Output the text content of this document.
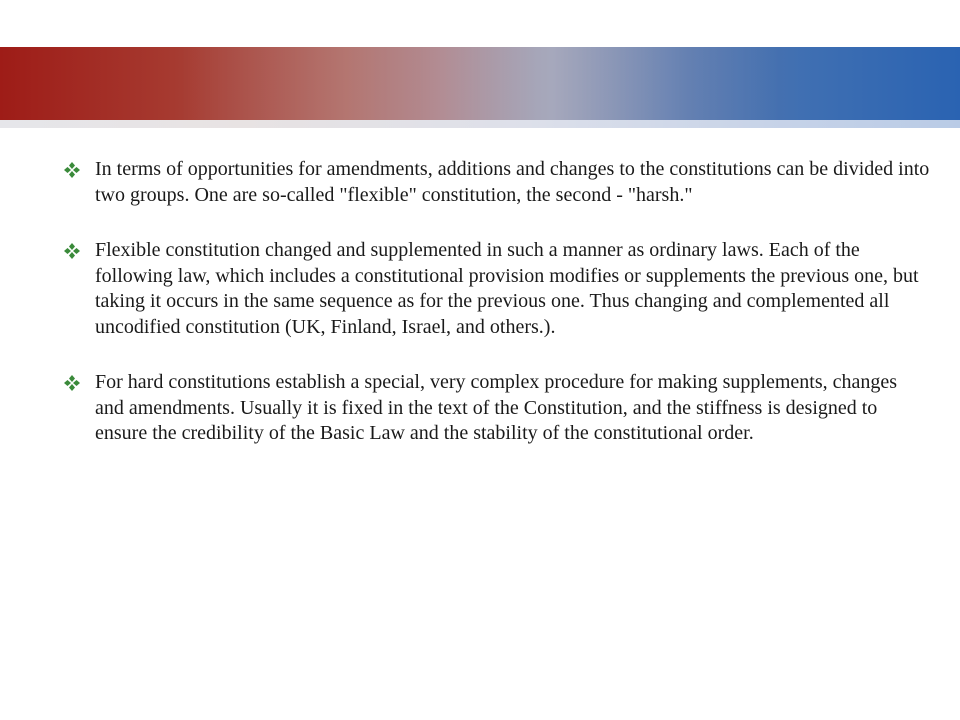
In terms of opportunities for amendments, additions and changes to the constitutions can be divided into two groups. One are so-called "flexible" constitution, the second - "harsh."
Flexible constitution changed and supplemented in such a manner as ordinary laws. Each of the following law, which includes a constitutional provision modifies or supplements the previous one, but taking it occurs in the same sequence as for the previous one. Thus changing and complemented all uncodified constitution (UK, Finland, Israel, and others.).
For hard constitutions establish a special, very complex procedure for making supplements, changes and amendments. Usually it is fixed in the text of the Constitution, and the stiffness is designed to ensure the credibility of the Basic Law and the stability of the constitutional order.
